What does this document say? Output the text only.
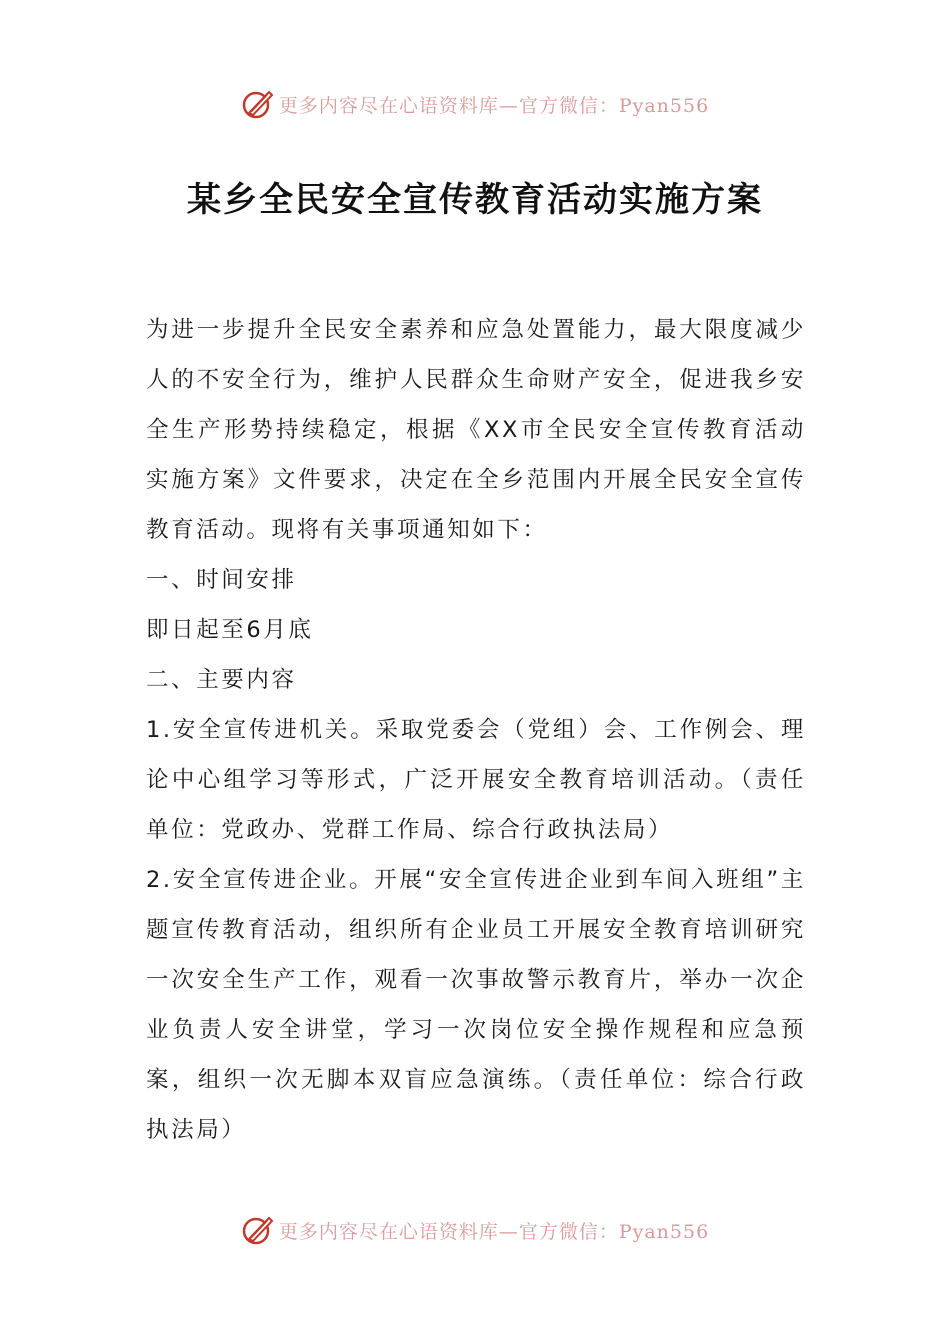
更多内容尽在心语资料库—官方微信：Pyan556
某乡全民安全宣传教育活动实施方案

为进一步提升全民安全素养和应急处置能力，最大限度减少人的不安全行为，维护人民群众生命财产安全，促进我乡安全生产形势持续稳定，根据《XX市全民安全宣传教育活动实施方案》文件要求，决定在全乡范围内开展全民安全宣传教育活动。现将有关事项通知如下：

一、时间安排

即日起至6月底

二、主要内容

1.安全宣传进机关。采取党委会（党组）会、工作例会、理论中心组学习等形式，广泛开展安全教育培训活动。（责任单位：党政办、党群工作局、综合行政执法局）

2.安全宣传进企业。开展“安全宣传进企业到车间入班组”主题宣传教育活动，组织所有企业员工开展安全教育培训研究一次安全生产工作，观看一次事故警示教育片，举办一次企业负责人安全讲堂，学习一次岗位安全操作规程和应急预案，组织一次无脚本双盲应急演练。（责任单位：综合行政执法局）

更多内容尽在心语资料库—官方微信：Pyan556
